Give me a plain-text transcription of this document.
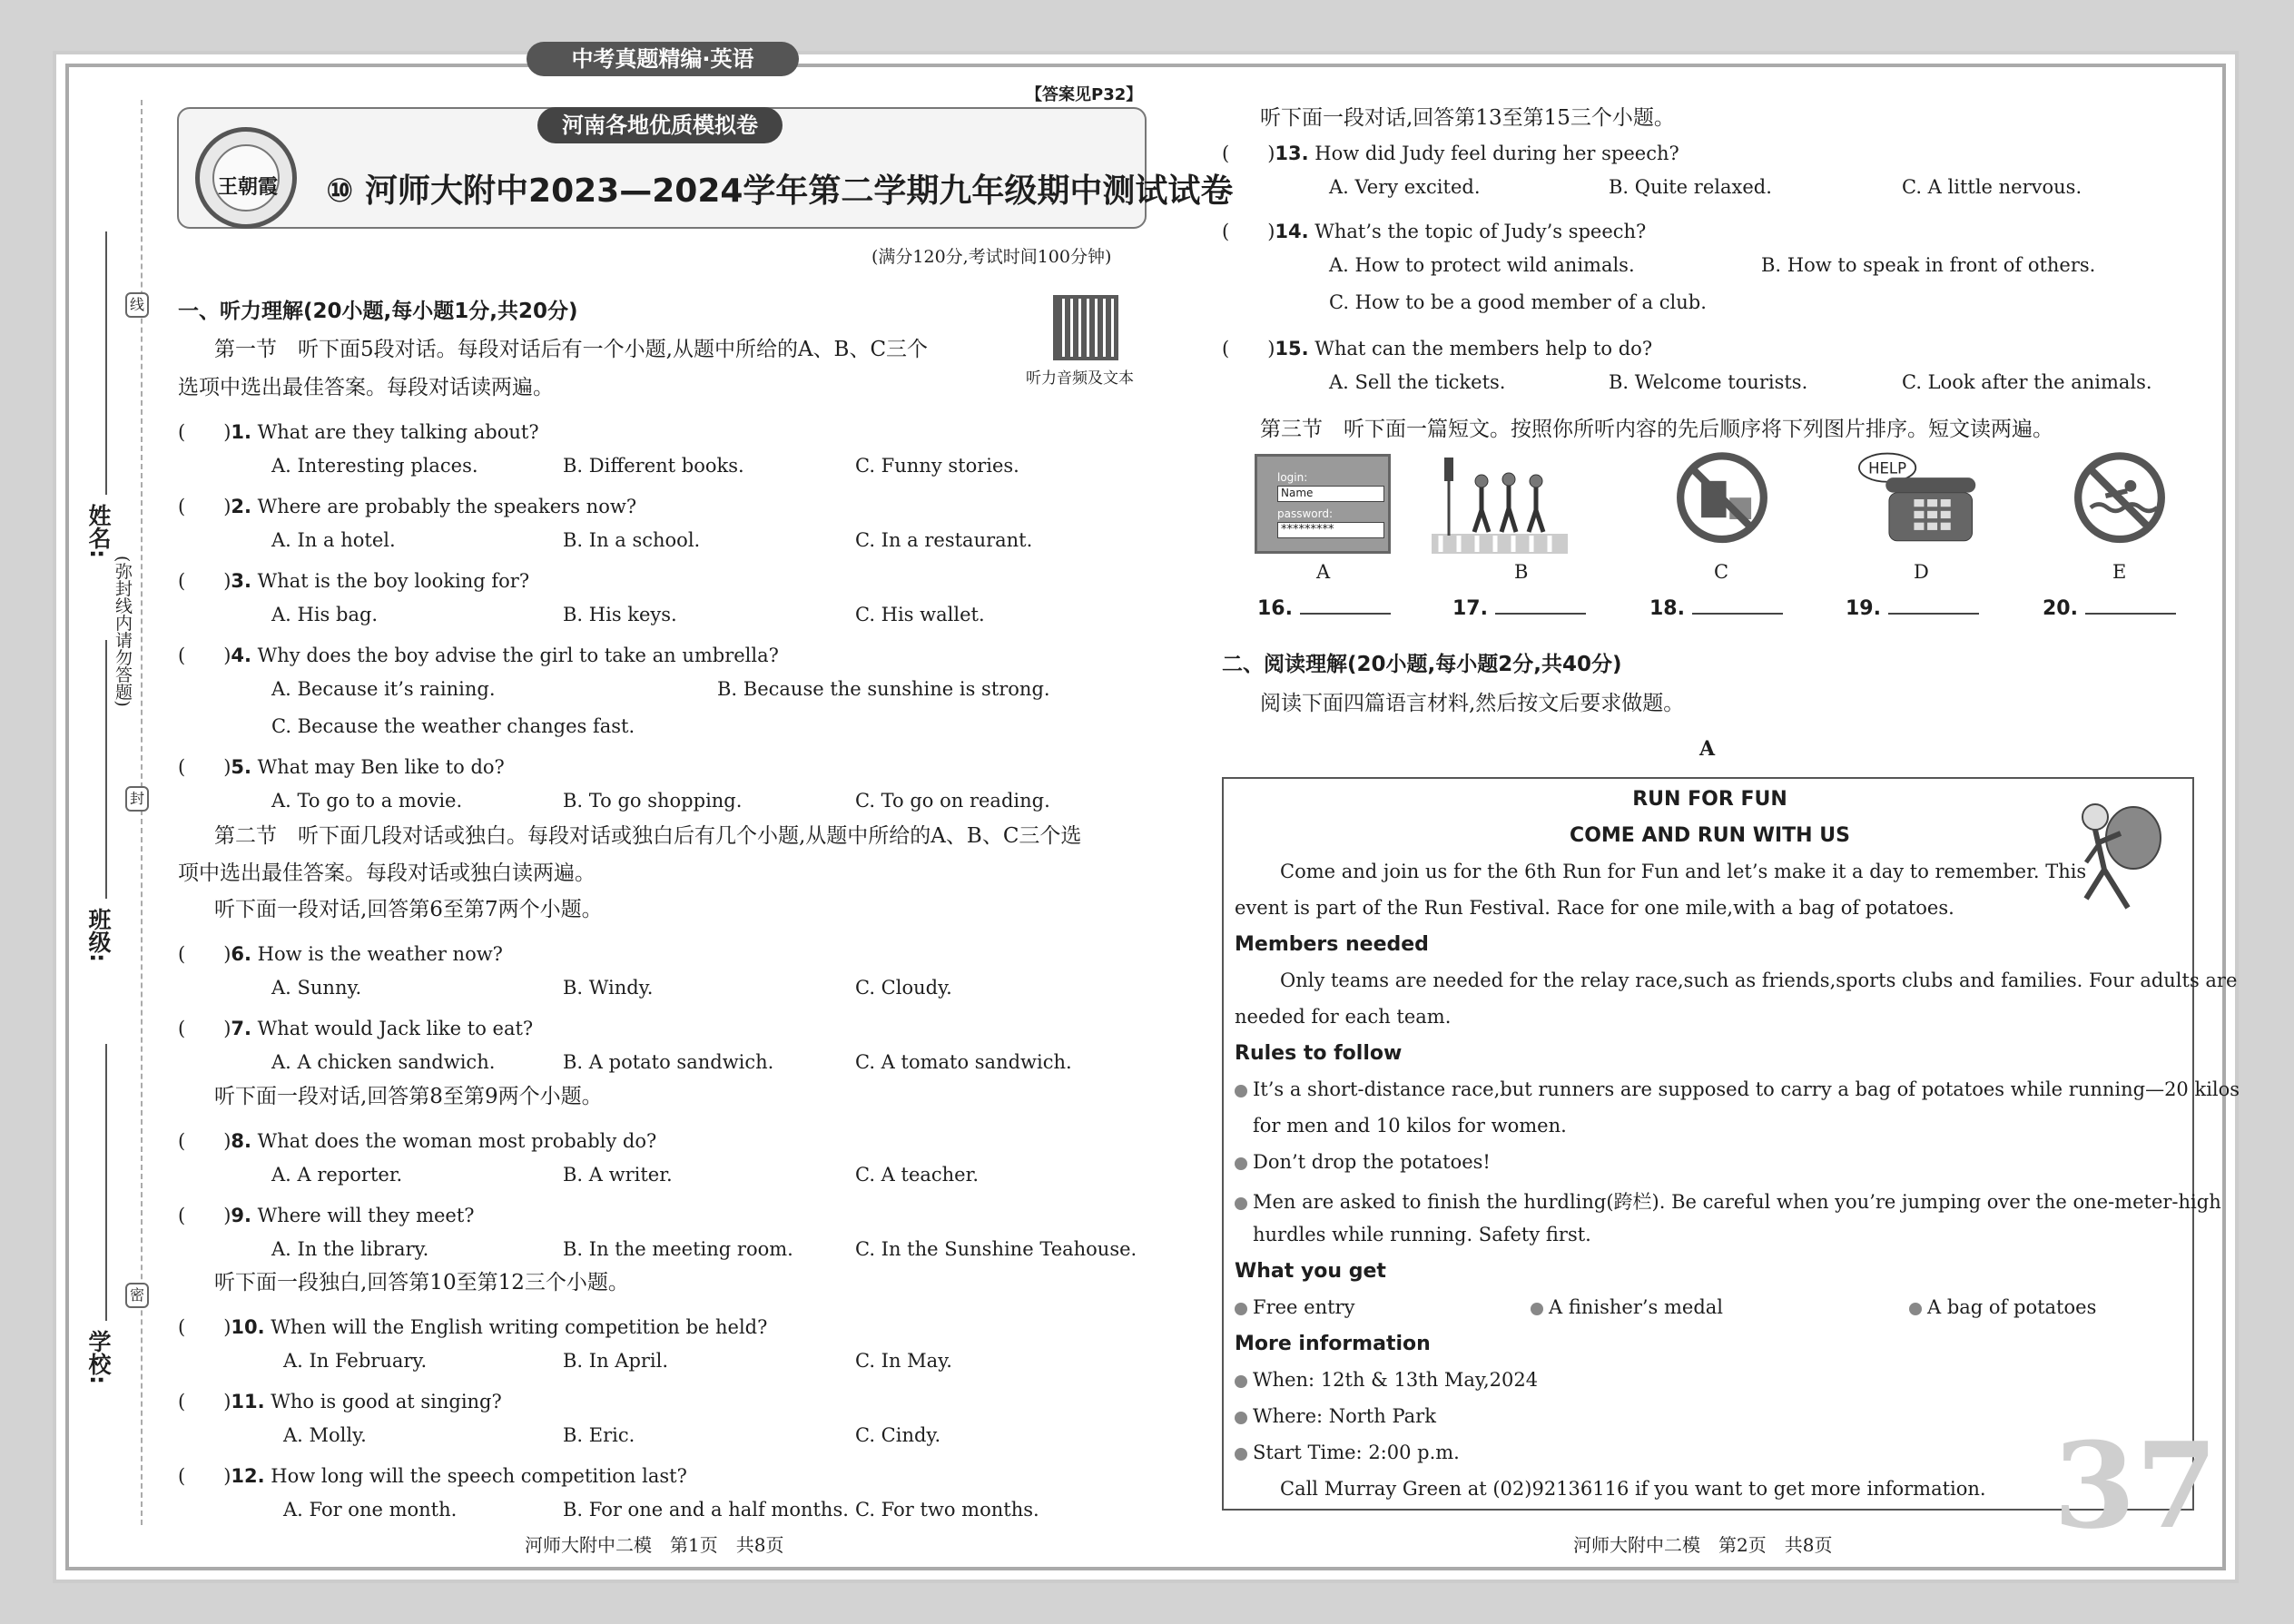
中考真题精编·英语
【答案见P32】
王朝霞
河南各地优质模拟卷
⑩ 河师大附中2023—2024学年第二学期九年级期中测试试卷
(满分120分,考试时间100分钟)
听力音频及文本
姓名:
班级:
学校:
(弥封线内请勿答题)
线
封
密
一、听力理解(20小题,每小题1分,共20分)
第一节　听下面5段对话。每段对话后有一个小题,从题中所给的A、B、C三个
选项中选出最佳答案。每段对话读两遍。
(　　)1. What are they talking about?
A. Interesting places.	B. Different books.	C. Funny stories.
(　　)2. Where are probably the speakers now?
A. In a hotel.	B. In a school.	C. In a restaurant.
(　　)3. What is the boy looking for?
A. His bag.	B. His keys.	C. His wallet.
(　　)4. Why does the boy advise the girl to take an umbrella?
A. Because it’s raining.	B. Because the sunshine is strong.
C. Because the weather changes fast.
(　　)5. What may Ben like to do?
A. To go to a movie.	B. To go shopping.	C. To go on reading.
(　　)6. How is the weather now?
A. Sunny.	B. Windy.	C. Cloudy.
(　　)7. What would Jack like to eat?
A. A chicken sandwich.	B. A potato sandwich.	C. A tomato sandwich.
(　　)8. What does the woman most probably do?
A. A reporter.	B. A writer.	C. A teacher.
(　　)9. Where will they meet?
A. In the library.	B. In the meeting room.	C. In the Sunshine Teahouse.
(　　)10. When will the English writing competition be held?
A. In February.	B. In April.	C. In May.
(　　)11. Who is good at singing?
A. Molly.	B. Eric.	C. Cindy.
(　　)12. How long will the speech competition last?
A. For one month.	B. For one and a half months. C. For two months.
(　　)13. How did Judy feel during her speech?
A. Very excited.	B. Quite relaxed.	C. A little nervous.
(　　)14. What’s the topic of Judy’s speech?
A. How to protect wild animals.	B. How to speak in front of others.
C. How to be a good member of a club.
(　　)15. What can the members help to do?
A. Sell the tickets.	B. Welcome tourists.	C. Look after the animals.
第二节　听下面几段对话或独白。每段对话或独白后有几个小题,从题中所给的A、B、C三个选
项中选出最佳答案。每段对话或独白读两遍。
听下面一段对话,回答第6至第7两个小题。
听下面一段对话,回答第8至第9两个小题。
听下面一段独白,回答第10至第12三个小题。
听下面一段对话,回答第13至第15三个小题。
第三节　听下面一篇短文。按照你所听内容的先后顺序将下列图片排序。短文读两遍。
login:
Name
password:
*********
HELP
A	B	C	D	E
16.	17.	18.	19.	20.
二、阅读理解(20小题,每小题2分,共40分)
阅读下面四篇语言材料,然后按文后要求做题。
A
RUN FOR FUN
COME AND RUN WITH US
Come and join us for the 6th Run for Fun and let’s make it a day to remember. This
event is part of the Run Festival. Race for one mile,with a bag of potatoes.
Members needed
Only teams are needed for the relay race,such as friends,sports clubs and families. Four adults are
needed for each team.
Rules to follow
It’s a short-distance race,but runners are supposed to carry a bag of potatoes while running—20 kilos
for men and 10 kilos for women.
Don’t drop the potatoes!
Men are asked to finish the hurdling(跨栏). Be careful when you’re jumping over the one-meter-high
hurdles while running. Safety first.
What you get
Free entry	A finisher’s medal	A bag of potatoes
More information
When: 12th & 13th May,2024
Where: North Park
Start Time: 2:00 p.m.
Call Murray Green at (02)92136116 if you want to get more information. 37
河师大附中二模　第1页　共8页	河师大附中二模　第2页　共8页
